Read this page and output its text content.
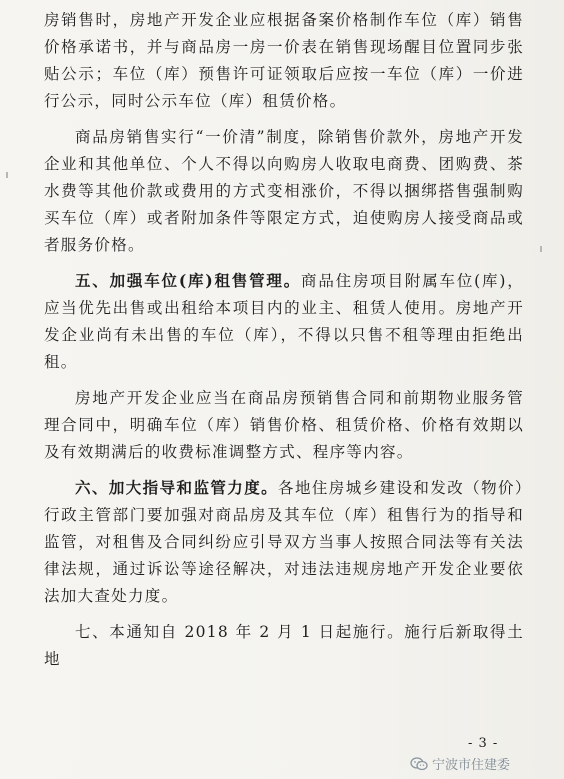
房销售时，房地产开发企业应根据备案价格制作车位（库）销售价格承诺书，并与商品房一房一价表在销售现场醒目位置同步张贴公示；车位（库）预售许可证领取后应按一车位（库）一价进行公示，同时公示车位（库）租赁价格。

商品房销售实行“一价清”制度，除销售价款外，房地产开发企业和其他单位、个人不得以向购房人收取电商费、团购费、茶水费等其他价款或费用的方式变相涨价，不得以捆绑搭售强制购买车位（库）或者附加条件等限定方式，迫使购房人接受商品或者服务价格。

五、加强车位(库)租售管理。商品住房项目附属车位(库)，应当优先出售或出租给本项目内的业主、租赁人使用。房地产开发企业尚有未出售的车位（库），不得以只售不租等理由拒绝出租。

房地产开发企业应当在商品房预销售合同和前期物业服务管理合同中，明确车位（库）销售价格、租赁价格、价格有效期以及有效期满后的收费标准调整方式、程序等内容。

六、加大指导和监管力度。各地住房城乡建设和发改（物价）行政主管部门要加强对商品房及其车位（库）租售行为的指导和监管，对租售及合同纠纷应引导双方当事人按照合同法等有关法律法规，通过诉讼等途径解决，对违法违规房地产开发企业要依法加大查处力度。

七、本通知自 2018 年 2 月 1 日起施行。施行后新取得土地

- 3 -
宁波市住建委
